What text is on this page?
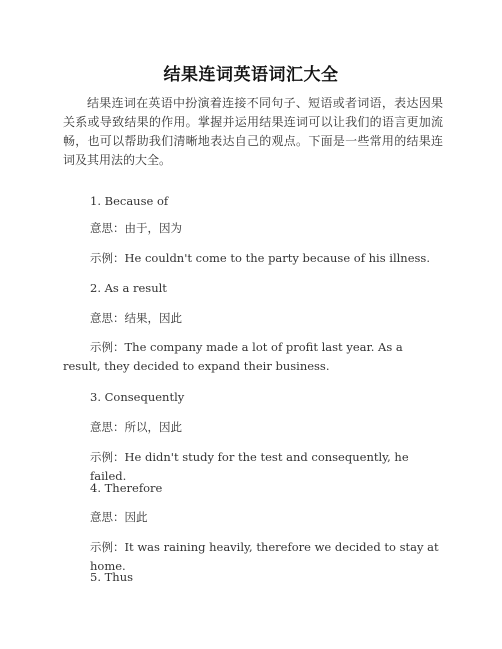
结果连词英语词汇大全

结果连词在英语中扮演着连接不同句子、短语或者词语，表达因果关系或导致结果的作用。掌握并运用结果连词可以让我们的语言更加流畅，也可以帮助我们清晰地表达自己的观点。下面是一些常用的结果连词及其用法的大全。

1. Because of

意思：由于，因为

示例：He couldn't come to the party because of his illness.

2. As a result

意思：结果，因此

示例：The company made a lot of profit last year. As a result, they decided to expand their business.

3. Consequently

意思：所以，因此

示例：He didn't study for the test and consequently, he failed.

4. Therefore

意思：因此

示例：It was raining heavily, therefore we decided to stay at home.

5. Thus
